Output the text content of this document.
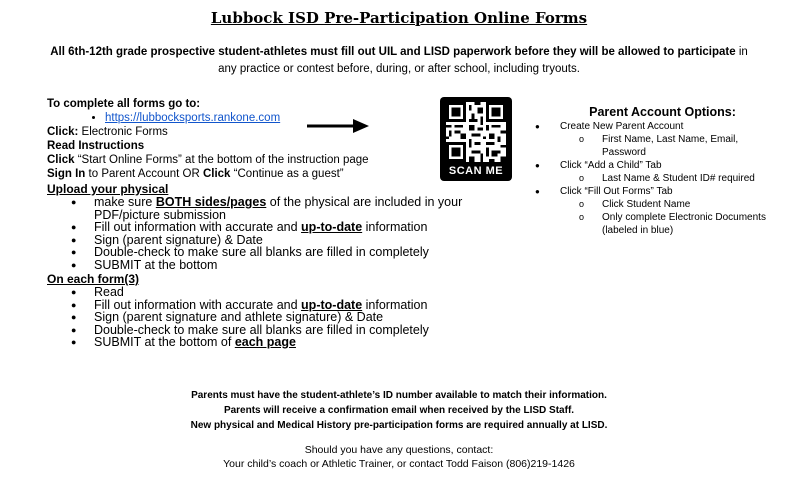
Lubbock ISD Pre-Participation Online Forms
All 6th-12th grade prospective student-athletes must fill out UIL and LISD paperwork before they will be allowed to participate in
any practice or contest before, during, or after school, including tryouts.

To complete all forms go to:

• https://lubbocksports.rankone.com

Click: Electronic Forms

Read Instructions

Click “Start Online Forms” at the bottom of the instruction page

Sign In to Parent Account OR Click “Continue as a guest”

Upload your physical

● make sure BOTH sides/pages of the physical are included in your PDF/picture submission
● Fill out information with accurate and up-to-date information
● Sign (parent signature) & Date
● Double-check to make sure all blanks are filled in completely
● SUBMIT at the bottom

On each form(3)

● Read
● Fill out information with accurate and up-to-date information
● Sign (parent signature and athlete signature) & Date
● Double-check to make sure all blanks are filled in completely
● SUBMIT at the bottom of each page
SCAN ME
Parent Account Options:
● Create New Parent Account
o First Name, Last Name, Email, Password
● Click “Add a Child” Tab
o Last Name & Student ID# required
● Click “Fill Out Forms” Tab
o Click Student Name
o Only complete Electronic Documents (labeled in blue)
Parents must have the student-athlete’s ID number available to match their information.
Parents will receive a confirmation email when received by the LISD Staff.
New physical and Medical History pre-participation forms are required annually at LISD.
Should you have any questions, contact:
Your child’s coach or Athletic Trainer, or contact Todd Faison (806)219-1426
